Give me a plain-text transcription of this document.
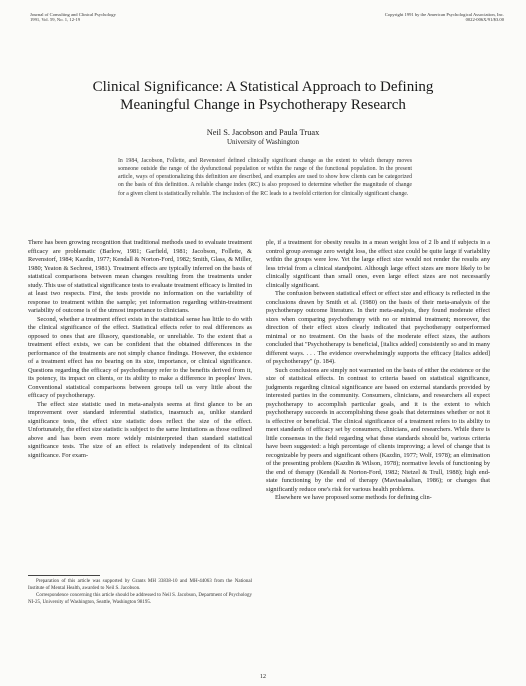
Journal of Consulting and Clinical Psychology
1991, Vol. 59, No. 1, 12-19
Copyright 1991 by the American Psychological Association, Inc.
0022-006X/91/$3.00
Clinical Significance: A Statistical Approach to Defining
Meaningful Change in Psychotherapy Research
Neil S. Jacobson and Paula Truax
University of Washington
In 1984, Jacobson, Follette, and Revenstorf defined clinically significant change as the extent to which therapy moves someone outside the range of the dysfunctional population or within the range of the functional population. In the present article, ways of operationalizing this definition are described, and examples are used to show how clients can be categorized on the basis of this definition. A reliable change index (RC) is also proposed to determine whether the magnitude of change for a given client is statistically reliable. The inclusion of the RC leads to a twofold criterion for clinically significant change.

There has been growing recognition that traditional methods used to evaluate treatment efficacy are problematic (Barlow, 1981; Garfield, 1981; Jacobson, Follette, & Revenstorf, 1984; Kazdin, 1977; Kendall & Norton-Ford, 1982; Smith, Glass, & Miller, 1980; Yeaton & Sechrest, 1981). Treatment effects are typically inferred on the basis of statistical comparisons between mean changes resulting from the treatments under study. This use of statistical significance tests to evaluate treatment efficacy is limited in at least two respects. First, the tests provide no information on the variability of response to treatment within the sample; yet information regarding within-treatment variability of outcome is of the utmost importance to clinicians.

Second, whether a treatment effect exists in the statistical sense has little to do with the clinical significance of the effect. Statistical effects refer to real differences as opposed to ones that are illusory, questionable, or unreliable. To the extent that a treatment effect exists, we can be confident that the obtained differences in the performance of the treatments are not simply chance findings. However, the existence of a treatment effect has no bearing on its size, importance, or clinical significance. Questions regarding the efficacy of psychotherapy refer to the benefits derived from it, its potency, its impact on clients, or its ability to make a difference in peoples' lives. Conventional statistical comparisons between groups tell us very little about the efficacy of psychotherapy.

The effect size statistic used in meta-analysis seems at first glance to be an improvement over standard inferential statistics, inasmuch as, unlike standard significance tests, the effect size statistic does reflect the size of the effect. Unfortunately, the effect size statistic is subject to the same limitations as those outlined above and has been even more widely misinterpreted than standard statistical significance tests. The size of an effect is relatively independent of its clinical significance. For exam-

Preparation of this article was supported by Grants MH 33838-10 and MH-44063 from the National Institute of Mental Health, awarded to Neil S. Jacobson.

Correspondence concerning this article should be addressed to Neil S. Jacobson, Department of Psychology NI-25, University of Washington, Seattle, Washington 98195.

ple, if a treatment for obesity results in a mean weight loss of 2 lb and if subjects in a control group average zero weight loss, the effect size could be quite large if variability within the groups were low. Yet the large effect size would not render the results any less trivial from a clinical standpoint. Although large effect sizes are more likely to be clinically significant than small ones, even large effect sizes are not necessarily clinically significant.

The confusion between statistical effect or effect size and efficacy is reflected in the conclusions drawn by Smith et al. (1980) on the basis of their meta-analysis of the psychotherapy outcome literature. In their meta-analysis, they found moderate effect sizes when comparing psychotherapy with no or minimal treatment; moreover, the direction of their effect sizes clearly indicated that psychotherapy outperformed minimal or no treatment. On the basis of the moderate effect sizes, the authors concluded that "Psychotherapy is beneficial, [italics added] consistently so and in many different ways. . . . The evidence overwhelmingly supports the efficacy [italics added] of psychotherapy" (p. 184).

Such conclusions are simply not warranted on the basis of either the existence or the size of statistical effects. In contrast to criteria based on statistical significance, judgments regarding clinical significance are based on external standards provided by interested parties in the community. Consumers, clinicians, and researchers all expect psychotherapy to accomplish particular goals, and it is the extent to which psychotherapy succeeds in accomplishing these goals that determines whether or not it is effective or beneficial. The clinical significance of a treatment refers to its ability to meet standards of efficacy set by consumers, clinicians, and researchers. While there is little consensus in the field regarding what these standards should be, various criteria have been suggested: a high percentage of clients improving; a level of change that is recognizable by peers and significant others (Kazdin, 1977; Wolf, 1978); an elimination of the presenting problem (Kazdin & Wilson, 1978); normative levels of functioning by the end of therapy (Kendall & Norton-Ford, 1982; Nietzel & Trull, 1988); high end-state functioning by the end of therapy (Mavissakalian, 1986); or changes that significantly reduce one's risk for various health problems.

Elsewhere we have proposed some methods for defining clin-

12
